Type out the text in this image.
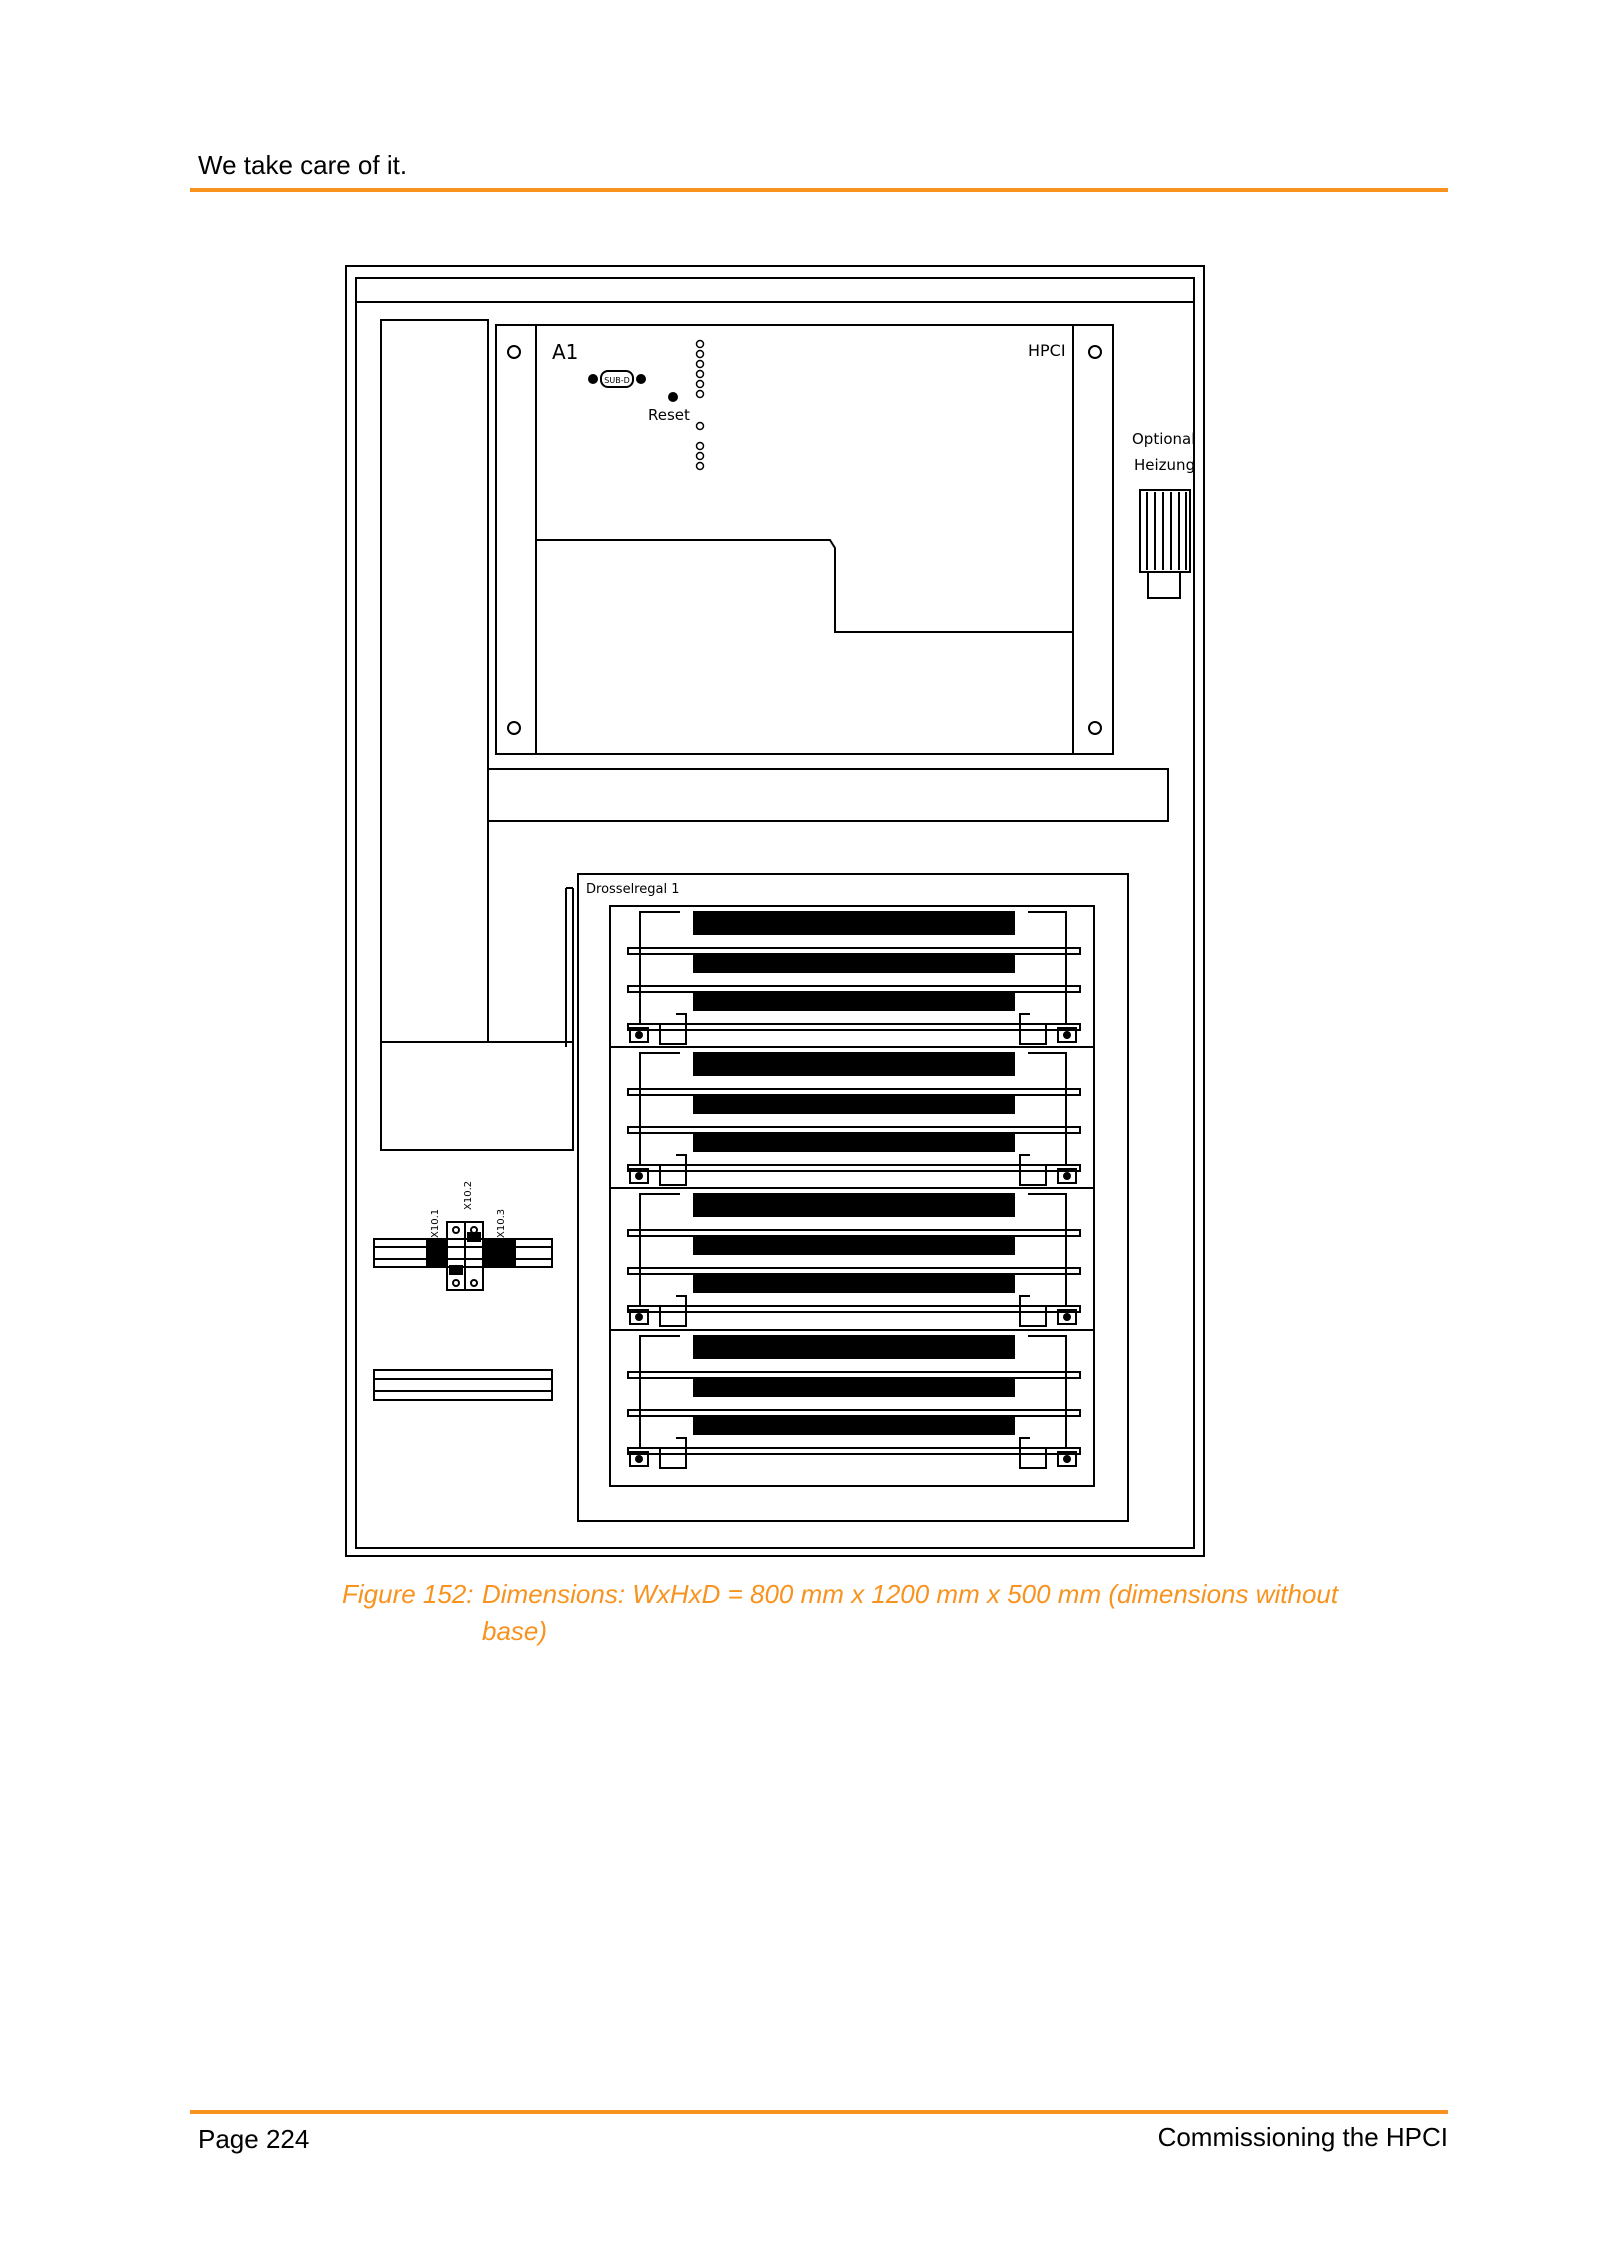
We take care of it.
A1	HPCI
SUB-D
Reset
Optional
Heizung
Drosselregal 1
X10.1
X10.2
X10.3
Figure 152: Dimensions: WxHxD = 800 mm x 1200 mm x 500 mm (dimensions without
base)
Page 224	Commissioning the HPCI
